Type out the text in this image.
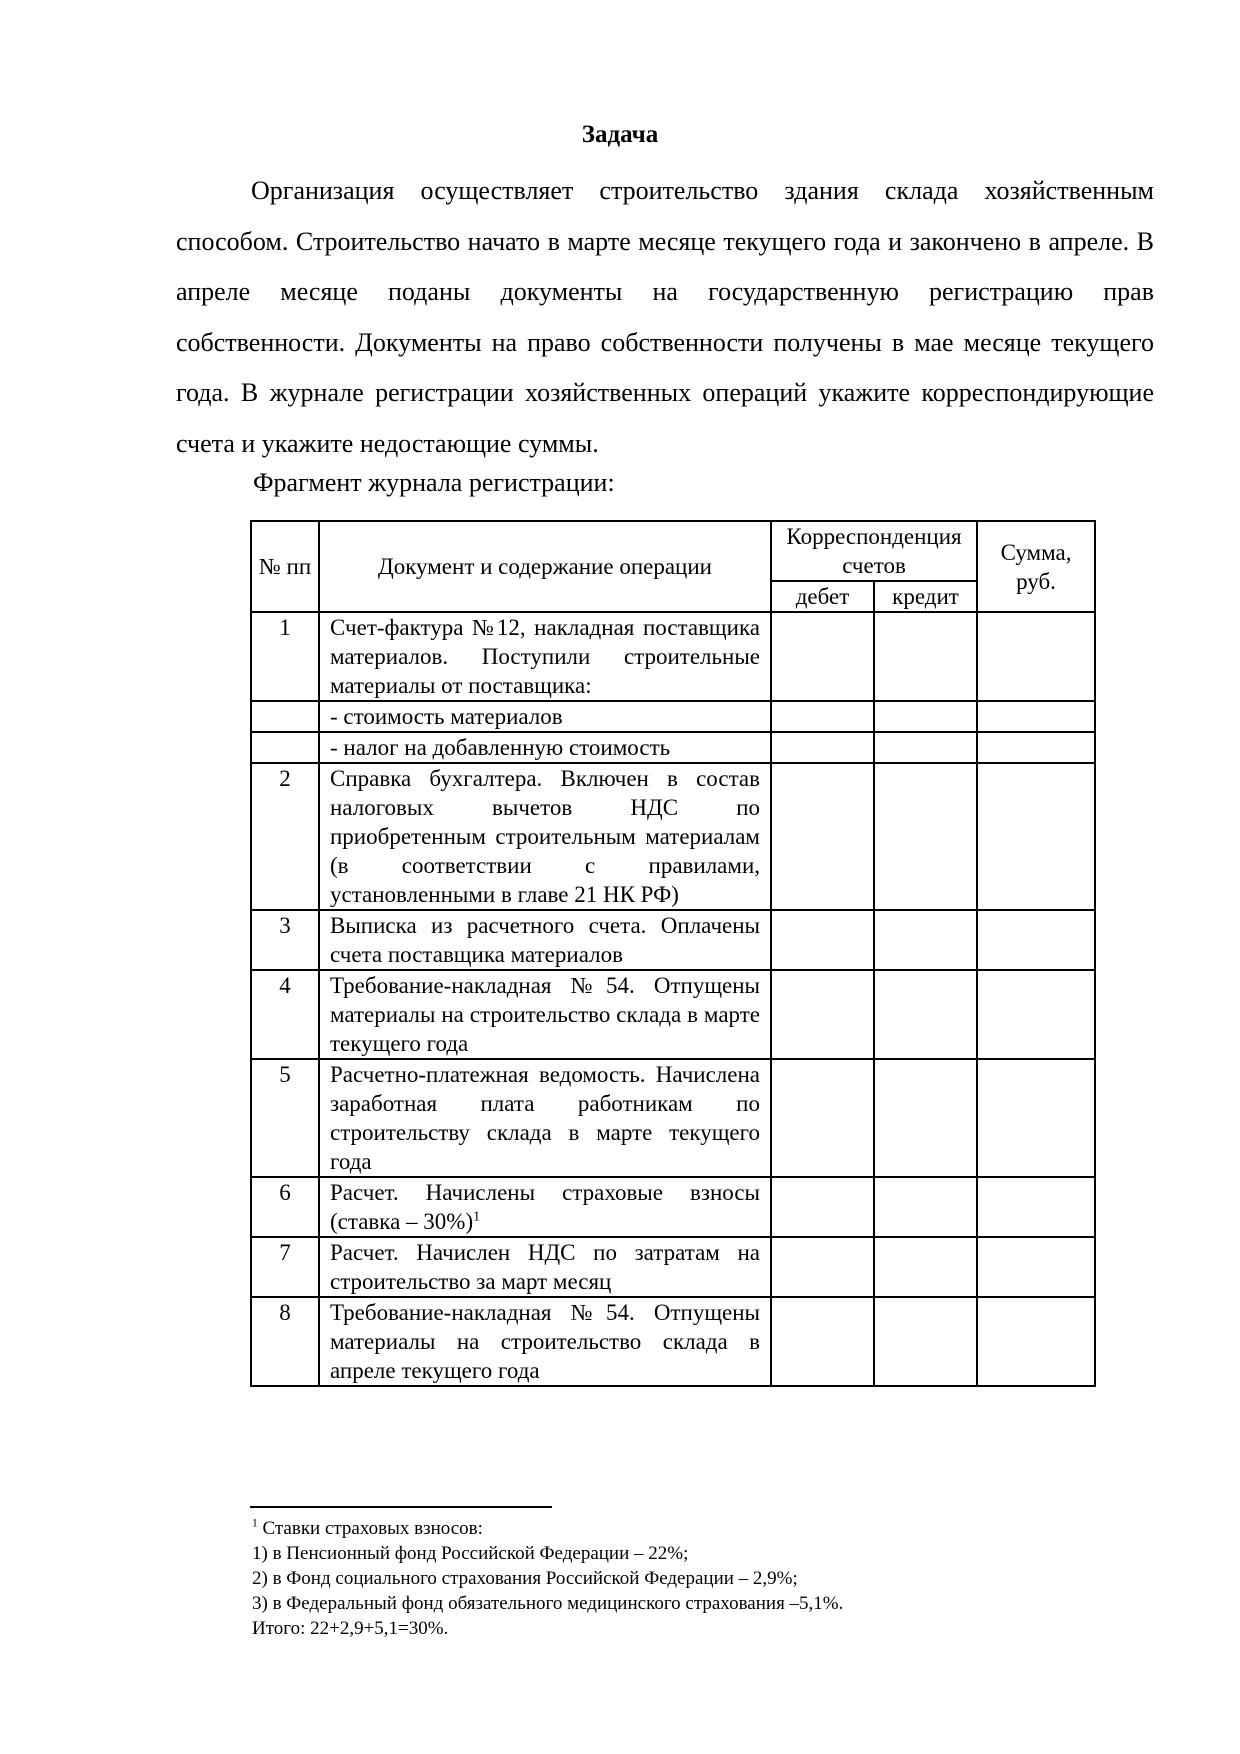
Задача

Организация осуществляет строительство здания склада хозяйственным способом. Строительство начато в марте месяце текущего года и закончено в апреле. В апреле месяце поданы документы на государственную регистрацию прав собственности. Документы на право собственности получены в мае месяце текущего года. В журнале регистрации хозяйственных операций укажите корреспондирующие счета и укажите недостающие суммы.

Фрагмент журнала регистрации:
№ пп	Документ и содержание операции	Корреспонденция счетов		Сумма, руб.
		дебет	кредит	
1	Счет-фактура №12, накладная поставщика материалов. Поступили строительные материалы от поставщика:			
	- стоимость материалов			
	- налог на добавленную стоимость			
2	Справка бухгалтера. Включен в состав налоговых вычетов НДС по приобретенным строительным материалам (в соответствии с правилами, установленными в главе 21 НК РФ)			
3	Выписка из расчетного счета. Оплачены счета поставщика материалов			
4	Требование-накладная №54. Отпущены материалы на строительство склада в марте текущего года			
5	Расчетно-платежная ведомость. Начислена заработная плата работникам по строительству склада в марте текущего года			
6	Расчет. Начислены страховые взносы (ставка – 30%)$^1$			
7	Расчет. Начислен НДС по затратам на строительство за март месяц			
8	Требование-накладная №54. Отпущены материалы на строительство склада в апреле текущего года			
$^1$ Ставки страховых взносов:
1) в Пенсионный фонд Российской Федерации – 22%;
2) в Фонд социального страхования Российской Федерации – 2,9%;
3) в Федеральный фонд обязательного медицинского страхования –5,1%.
Итого: 22+2,9+5,1=30%.
